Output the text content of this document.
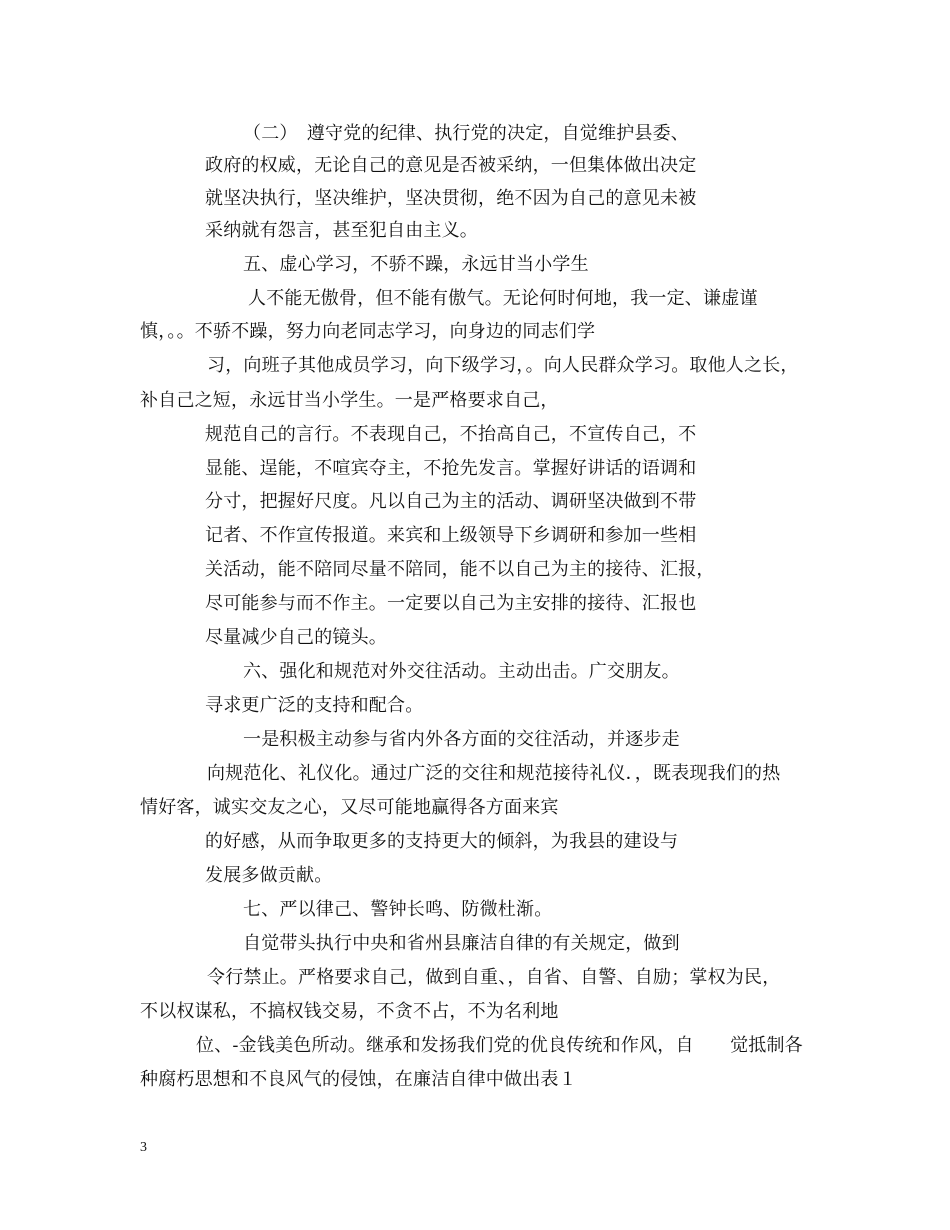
（二）　遵守党的纪律、执行党的决定，自觉维护县委、
政府的权威，无论自己的意见是否被采纳，一但集体做出决定
就坚决执行，坚决维护，坚决贯彻，绝不因为自己的意见未被
采纳就有怨言，甚至犯自由主义。
五、虚心学习，不骄不躁，永远甘当小学生
人不能无傲骨，但不能有傲气。无论何时何地，我一定、谦虚谨
慎，。。不骄不躁，努力向老同志学习，向身边的同志们学
习，向班子其他成员学习，向下级学习，。向人民群众学习。取他人之长，
补自己之短，永远甘当小学生。一是严格要求自己，
规范自己的言行。不表现自己，不抬高自己，不宣传自己，不
显能、逞能，不喧宾夺主，不抢先发言。掌握好讲话的语调和
分寸，把握好尺度。凡以自己为主的活动、调研坚决做到不带
记者、不作宣传报道。来宾和上级领导下乡调研和参加一些相
关活动，能不陪同尽量不陪同，能不以自己为主的接待、汇报，
尽可能参与而不作主。一定要以自己为主安排的接待、汇报也
尽量减少自己的镜头。
六、强化和规范对外交往活动。主动出击。广交朋友。
寻求更广泛的支持和配合。
一是积极主动参与省内外各方面的交往活动，并逐步走
向规范化、礼仪化。通过广泛的交往和规范接待礼仪．，既表现我们的热
情好客，诚实交友之心，又尽可能地赢得各方面来宾
的好感，从而争取更多的支持更大的倾斜，为我县的建设与
发展多做贡献。
七、严以律己、警钟长鸣、防微杜渐。
自觉带头执行中央和省州县廉洁自律的有关规定，做到
令行禁止。严格要求自己，做到自重、，自省、自警、自励；掌权为民，
不以权谋私，不搞权钱交易，不贪不占，不为名利地
位、-金钱美色所动。继承和发扬我们党的优良传统和作风，自　　觉抵制各
种腐朽思想和不良风气的侵蚀，在廉洁自律中做出表１
3
